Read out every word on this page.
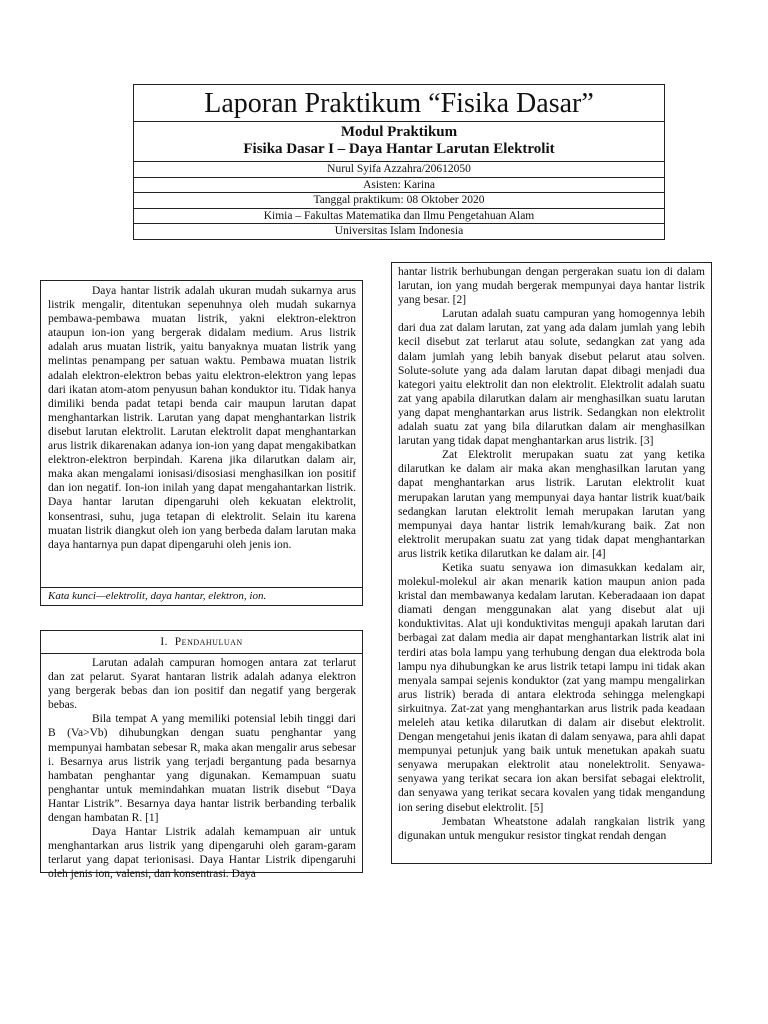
Laporan Praktikum “Fisika Dasar”
Modul Praktikum
Fisika Dasar I – Daya Hantar Larutan Elektrolit
Nurul Syifa Azzahra/20612050
Asisten: Karina
Tanggal praktikum: 08 Oktober 2020
Kimia – Fakultas Matematika dan Ilmu Pengetahuan Alam
Universitas Islam Indonesia

Daya hantar listrik adalah ukuran mudah sukarnya arus listrik mengalir, ditentukan sepenuhnya oleh mudah sukarnya pembawa-pembawa muatan listrik, yakni elektron-elektron ataupun ion-ion yang bergerak didalam medium. Arus listrik adalah arus muatan listrik, yaitu banyaknya muatan listrik yang melintas penampang per satuan waktu. Pembawa muatan listrik adalah elektron-elektron bebas yaitu elektron-elektron yang lepas dari ikatan atom-atom penyusun bahan konduktor itu. Tidak hanya dimiliki benda padat tetapi benda cair maupun larutan dapat menghantarkan listrik. Larutan yang dapat menghantarkan listrik disebut larutan elektrolit. Larutan elektrolit dapat menghantarkan arus listrik dikarenakan adanya ion-ion yang dapat mengakibatkan elektron-elektron berpindah. Karena jika dilarutkan dalam air, maka akan mengalami ionisasi/disosiasi menghasilkan ion positif dan ion negatif. Ion-ion inilah yang dapat mengahantarkan listrik. Daya hantar larutan dipengaruhi oleh kekuatan elektrolit, konsentrasi, suhu, juga tetapan di elektrolit. Selain itu karena muatan listrik diangkut oleh ion yang berbeda dalam larutan maka daya hantarnya pun dapat dipengaruhi oleh jenis ion.

Kata kunci—elektrolit, daya hantar, elektron, ion.
I. Pendahuluan

Larutan adalah campuran homogen antara zat terlarut dan zat pelarut. Syarat hantaran listrik adalah adanya elektron yang bergerak bebas dan ion positif dan negatif yang bergerak bebas.

Bila tempat A yang memiliki potensial lebih tinggi dari B (Va>Vb) dihubungkan dengan suatu penghantar yang mempunyai hambatan sebesar R, maka akan mengalir arus sebesar i. Besarnya arus listrik yang terjadi bergantung pada besarnya hambatan penghantar yang digunakan. Kemampuan suatu penghantar untuk memindahkan muatan listrik disebut “Daya Hantar Listrik”. Besarnya daya hantar listrik berbanding terbalik dengan hambatan R. [1]

Daya Hantar Listrik adalah kemampuan air untuk menghantarkan arus listrik yang dipengaruhi oleh garam-garam terlarut yang dapat terionisasi. Daya Hantar Listrik dipengaruhi oleh jenis ion, valensi, dan konsentrasi. Daya

hantar listrik berhubungan dengan pergerakan suatu ion di dalam larutan, ion yang mudah bergerak mempunyai daya hantar listrik yang besar. [2]

Larutan adalah suatu campuran yang homogennya lebih dari dua zat dalam larutan, zat yang ada dalam jumlah yang lebih kecil disebut zat terlarut atau solute, sedangkan zat yang ada dalam jumlah yang lebih banyak disebut pelarut atau solven. Solute-solute yang ada dalam larutan dapat dibagi menjadi dua kategori yaitu elektrolit dan non elektrolit. Elektrolit adalah suatu zat yang apabila dilarutkan dalam air menghasilkan suatu larutan yang dapat menghantarkan arus listrik. Sedangkan non elektrolit adalah suatu zat yang bila dilarutkan dalam air menghasilkan larutan yang tidak dapat menghantarkan arus listrik. [3]

Zat Elektrolit merupakan suatu zat yang ketika dilarutkan ke dalam air maka akan menghasilkan larutan yang dapat menghantarkan arus listrik. Larutan elektrolit kuat merupakan larutan yang mempunyai daya hantar listrik kuat/baik sedangkan larutan elektrolit lemah merupakan larutan yang mempunyai daya hantar listrik lemah/kurang baik. Zat non elektrolit merupakan suatu zat yang tidak dapat menghantarkan arus listrik ketika dilarutkan ke dalam air. [4]

Ketika suatu senyawa ion dimasukkan kedalam air, molekul-molekul air akan menarik kation maupun anion pada kristal dan membawanya kedalam larutan. Keberadaaan ion dapat diamati dengan menggunakan alat yang disebut alat uji konduktivitas. Alat uji konduktivitas menguji apakah larutan dari berbagai zat dalam media air dapat menghantarkan listrik alat ini terdiri atas bola lampu yang terhubung dengan dua elektroda bola lampu nya dihubungkan ke arus listrik tetapi lampu ini tidak akan menyala sampai sejenis konduktor (zat yang mampu mengalirkan arus listrik) berada di antara elektroda sehingga melengkapi sirkuitnya. Zat-zat yang menghantarkan arus listrik pada keadaan meleleh atau ketika dilarutkan di dalam air disebut elektrolit. Dengan mengetahui jenis ikatan di dalam senyawa, para ahli dapat mempunyai petunjuk yang baik untuk menetukan apakah suatu senyawa merupakan elektrolit atau nonelektrolit. Senyawa-senyawa yang terikat secara ion akan bersifat sebagai elektrolit, dan senyawa yang terikat secara kovalen yang tidak mengandung ion sering disebut elektrolit. [5]

Jembatan Wheatstone adalah rangkaian listrik yang digunakan untuk mengukur resistor tingkat rendah dengan
